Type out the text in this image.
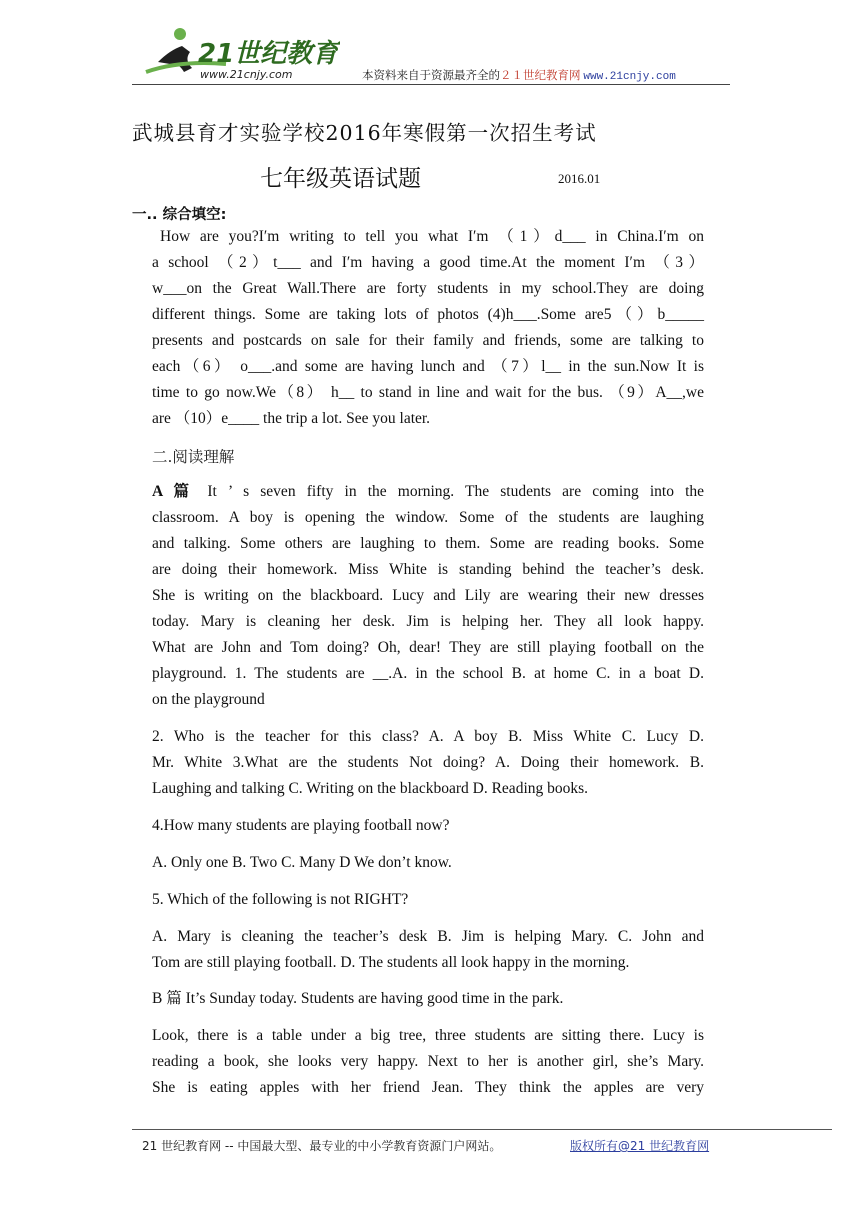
21世纪教育
www.21cnjy.com	本资料来自于资源最齐全的２１世纪教育网 www.21cnjy.com
武城县育才实验学校2016年寒假第一次招生考试
七年级英语试题	2016.01
一.. 综合填空:
How are you?I′m writing to tell you what I′m （1）d___ in China.I′m on
a school （2）t___ and I′m having a good time.At the moment I′m （3）
w___on the Great Wall.There are forty students in my school.They are doing
different things. Some are taking lots of photos (4)h___.Some are5（）b_____
presents and postcards on sale for their family and friends, some are talking to
each（6） o___.and some are having lunch and （7）l__ in the sun.Now It is
time to go now.We（8） h__ to stand in line and wait for the bus. （9）A__,we
are （10）e____ the trip a lot. See you later.
二.阅读理解
A 篇 It ’ s seven fifty in the morning. The students are coming into the
classroom. A boy is opening the window. Some of the students are laughing
and talking. Some others are laughing to them. Some are reading books. Some
are doing their homework. Miss White is standing behind the teacher’s desk.
She is writing on the blackboard. Lucy and Lily are wearing their new dresses
today. Mary is cleaning her desk. Jim is helping her. They all look happy.
What are John and Tom doing? Oh, dear! They are still playing football on the
playground. 1. The students are __.A. in the school B. at home C. in a boat D.
on the playground
2. Who is the teacher for this class? A. A boy B. Miss White C. Lucy D.
Mr. White 3.What are the students Not doing? A. Doing their homework. B.
Laughing and talking C. Writing on the blackboard D. Reading books.
4.How many students are playing football now?
A. Only one B. Two C. Many D We don’t know.
5. Which of the following is not RIGHT?
A. Mary is cleaning the teacher’s desk B. Jim is helping Mary. C. John and
Tom are still playing football. D. The students all look happy in the morning.
B 篇 It’s Sunday today. Students are having good time in the park.
Look, there is a table under a big tree, three students are sitting there. Lucy is
reading a book, she looks very happy. Next to her is another girl, she’s Mary.
She is eating apples with her friend Jean. They think the apples are very
21 世纪教育网 -- 中国最大型、最专业的中小学教育资源门户网站。	版权所有@21 世纪教育网
